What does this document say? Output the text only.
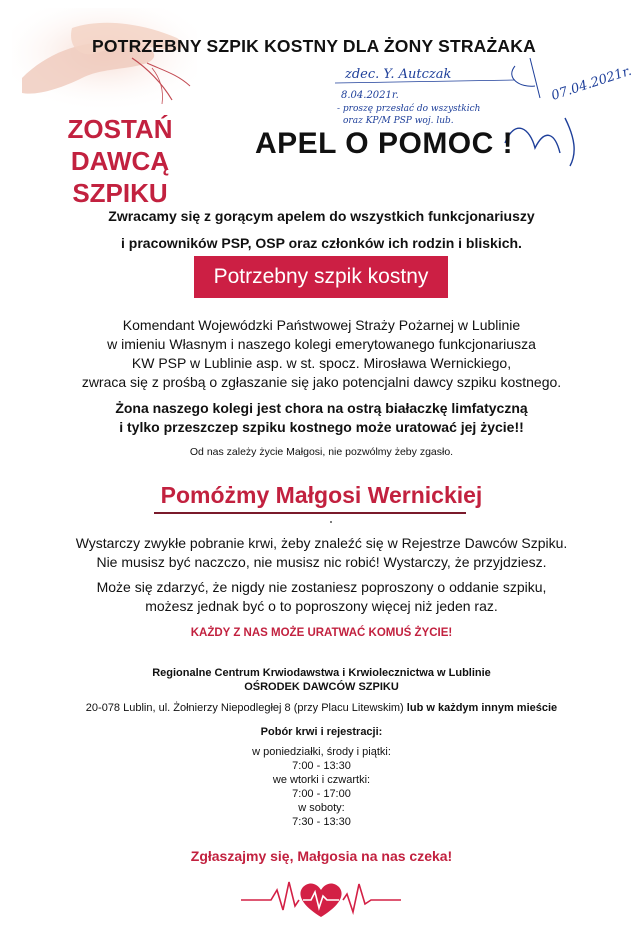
POTRZEBNY SZPIK KOSTNY DLA ŻONY STRAŻAKA
zdec. Y. Autczak
8.04.2021r.
- proszę przesłać do wszystkich
oraz KP/M PSP woj. lub.
07.04.2021r.
ZOSTAŃ
DAWCĄ SZPIKU
APEL O POMOC !
Zwracamy się z gorącym apelem do wszystkich funkcjonariuszy
i pracowników PSP, OSP oraz członków ich rodzin i bliskich.
Potrzebny szpik kostny
Komendant Wojewódzki Państwowej Straży Pożarnej w Lublinie
w imieniu Własnym i naszego kolegi emerytowanego funkcjonariusza
KW PSP w Lublinie asp. w st. spocz. Mirosława Wernickiego,
zwraca się z prośbą o zgłaszanie się jako potencjalni dawcy szpiku kostnego.
Żona naszego kolegi jest chora na ostrą białaczkę limfatyczną
i tylko przeszczep szpiku kostnego może uratować jej życie!!
Od nas zależy życie Małgosi, nie pozwólmy żeby zgasło.
Pomóżmy Małgosi Wernickiej
Wystarczy zwykłe pobranie krwi, żeby znaleźć się w Rejestrze Dawców Szpiku.
Nie musisz być naczczo, nie musisz nic robić! Wystarczy, że przyjdziesz.
Może się zdarzyć, że nigdy nie zostaniesz poproszony o oddanie szpiku,
możesz jednak być o to poproszony więcej niż jeden raz.
KAŻDY Z NAS MOŻE URATWAĆ KOMUŚ ŻYCIE!
Regionalne Centrum Krwiodawstwa i Krwiolecznictwa w Lublinie
OŚRODEK DAWCÓW SZPIKU
20-078 Lublin, ul. Żołnierzy Niepodległej 8 (przy Placu Litewskim) lub w każdym innym mieście
Pobór krwi i rejestracji:
w poniedziałki, środy i piątki:
7:00 - 13:30
we wtorki i czwartki:
7:00 - 17:00
w soboty:
7:30 - 13:30
Zgłaszajmy się, Małgosia na nas czeka!
